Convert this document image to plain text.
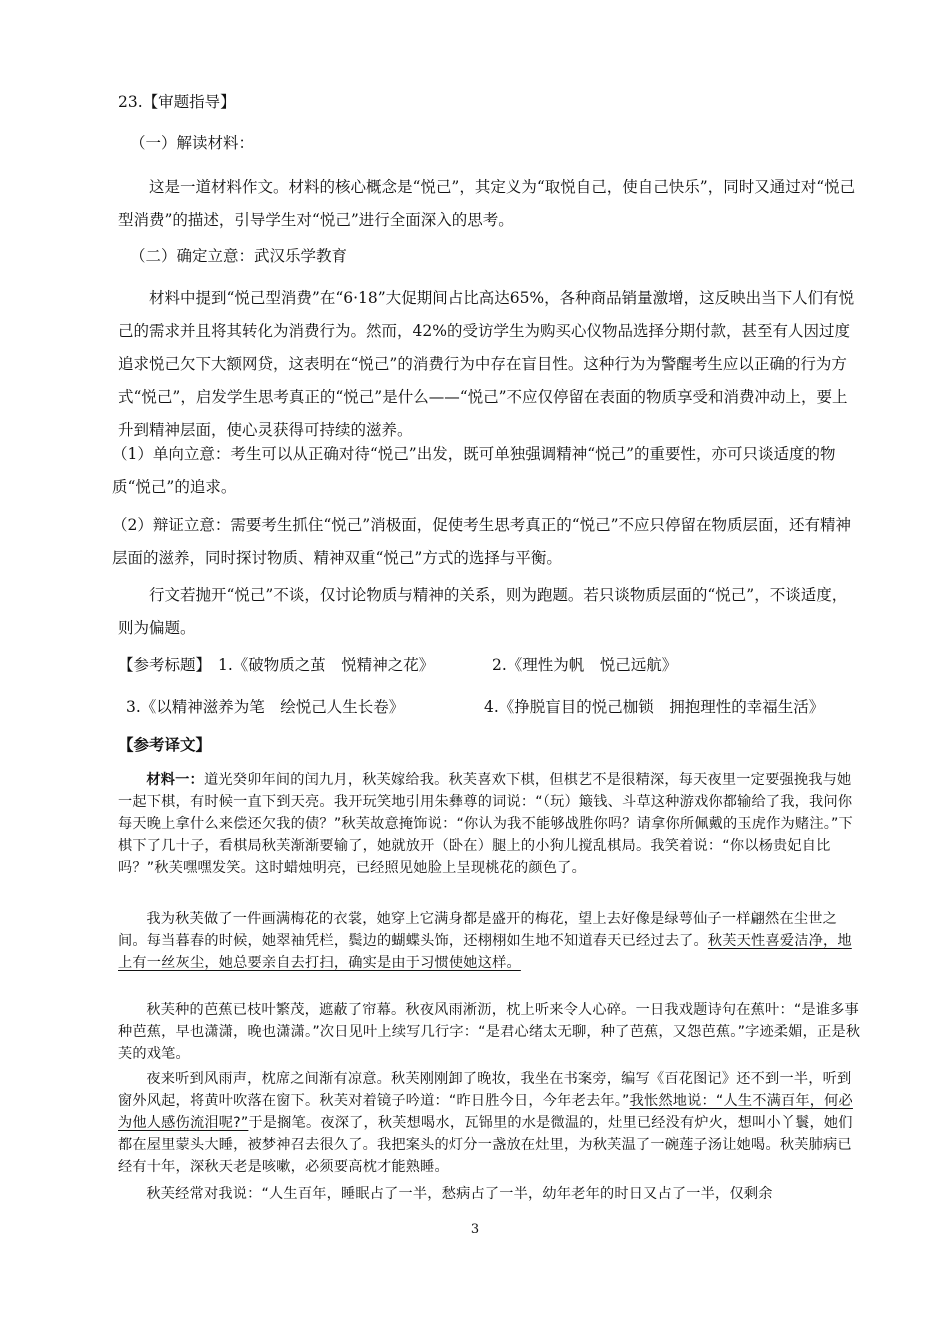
23.【审题指导】

（一）解读材料：

这是一道材料作文。材料的核心概念是“悦己”，其定义为“取悦自己，使自己快乐”，同时又通过对“悦己型消费”的描述，引导学生对“悦己”进行全面深入的思考。

（二）确定立意：武汉乐学教育

材料中提到“悦己型消费”在“6·18”大促期间占比高达65%，各种商品销量激增，这反映出当下人们有悦己的需求并且将其转化为消费行为。然而，42%的受访学生为购买心仪物品选择分期付款，甚至有人因过度追求悦己欠下大额网贷，这表明在“悦己”的消费行为中存在盲目性。这种行为为警醒考生应以正确的行为方式“悦己”，启发学生思考真正的“悦己”是什么——“悦己”不应仅停留在表面的物质享受和消费冲动上，要上升到精神层面，使心灵获得可持续的滋养。

（1）单向立意：考生可以从正确对待“悦己”出发，既可单独强调精神“悦己”的重要性，亦可只谈适度的物质“悦己”的追求。

（2）辩证立意：需要考生抓住“悦己”消极面，促使考生思考真正的“悦己”不应只停留在物质层面，还有精神层面的滋养，同时探讨物质、精神双重“悦己”方式的选择与平衡。

行文若抛开“悦己”不谈，仅讨论物质与精神的关系，则为跑题。若只谈物质层面的“悦己”，不谈适度，则为偏题。

【参考标题】 1.《破物质之茧　悦精神之花》	2.《理性为帆　悦己远航》
3.《以精神滋养为笔　绘悦己人生长卷》	4.《挣脱盲目的悦己枷锁　拥抱理性的幸福生活》
【参考译文】

材料一：道光癸卯年间的闰九月，秋芙嫁给我。秋芙喜欢下棋，但棋艺不是很精深，每天夜里一定要强挽我与她一起下棋，有时候一直下到天亮。我开玩笑地引用朱彝尊的词说：“（玩）簸钱、斗草这种游戏你都输给了我，我问你每天晚上拿什么来偿还欠我的债？”秋芙故意掩饰说：“你认为我不能够战胜你吗？请拿你所佩戴的玉虎作为赌注。”下棋下了几十子，看棋局秋芙渐渐要输了，她就放开（卧在）腿上的小狗儿搅乱棋局。我笑着说：“你以杨贵妃自比吗？”秋芙嘿嘿发笑。这时蜡烛明亮，已经照见她脸上呈现桃花的颜色了。

我为秋芙做了一件画满梅花的衣裳，她穿上它满身都是盛开的梅花，望上去好像是绿萼仙子一样翩然在尘世之间。每当暮春的时候，她翠袖凭栏，鬓边的蝴蝶头饰，还栩栩如生地不知道春天已经过去了。秋芙天性喜爱洁净，地上有一丝灰尘，她总要亲自去打扫，确实是由于习惯使她这样。

秋芙种的芭蕉已枝叶繁茂，遮蔽了帘幕。秋夜风雨淅沥，枕上听来令人心碎。一日我戏题诗句在蕉叶：“是谁多事种芭蕉，早也潇潇，晚也潇潇。”次日见叶上续写几行字：“是君心绪太无聊，种了芭蕉，又怨芭蕉。”字迹柔媚，正是秋芙的戏笔。

夜来听到风雨声，枕席之间渐有凉意。秋芙刚刚卸了晚妆，我坐在书案旁，编写《百花图记》还不到一半，听到窗外风起，将黄叶吹落在窗下。秋芙对着镜子吟道：“昨日胜今日，今年老去年。”我怅然地说：“人生不满百年，何必为他人感伤流泪呢?”于是搁笔。夜深了，秋芙想喝水，瓦铞里的水是微温的，灶里已经没有炉火，想叫小丫鬟，她们都在屋里蒙头大睡，被梦神召去很久了。我把案头的灯分一盏放在灶里，为秋芙温了一碗莲子汤让她喝。秋芙肺病已经有十年，深秋天老是咳嗽，必须要高枕才能熟睡。

秋芙经常对我说：“人生百年，睡眠占了一半，愁病占了一半，幼年老年的时日又占了一半，仅剩余

3
